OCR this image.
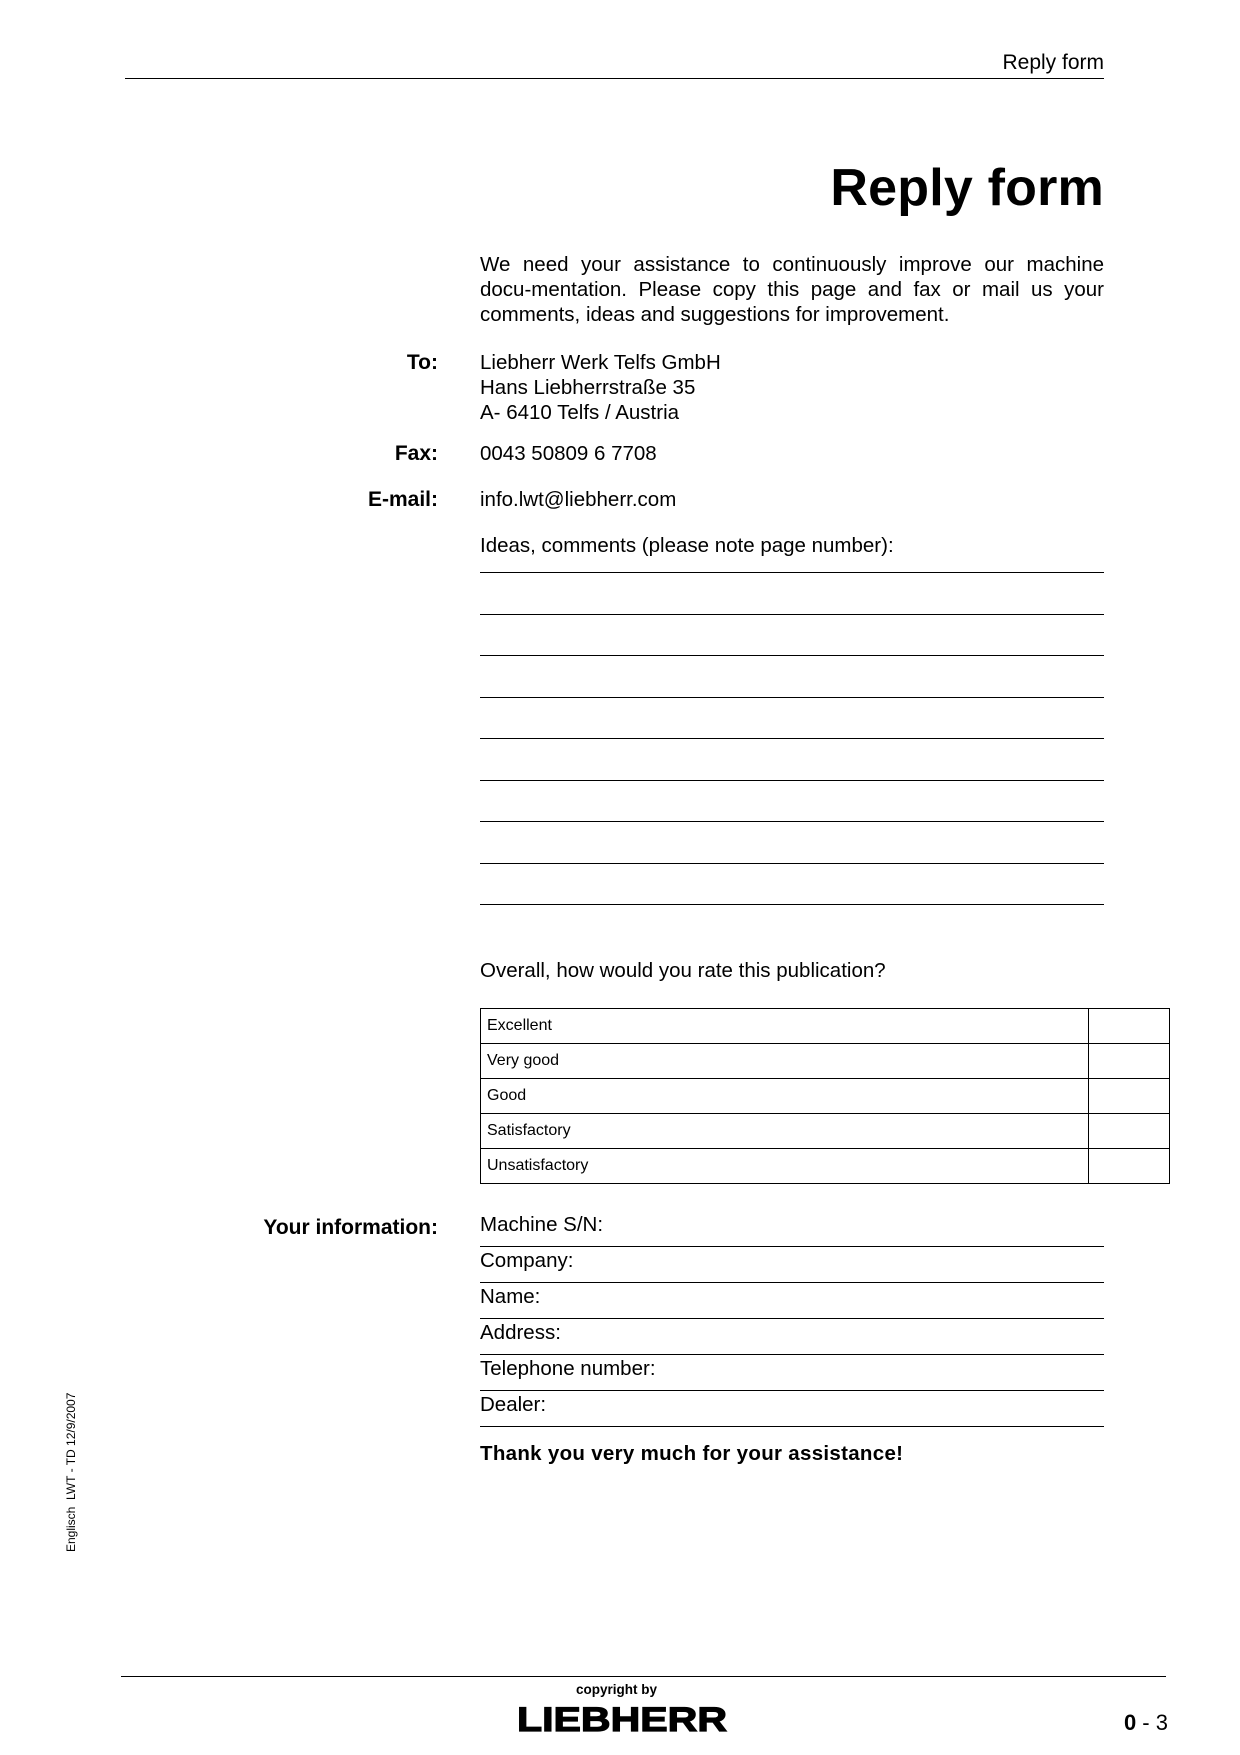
Reply form
Reply form
We need your assistance to continuously improve our machine docu-mentation. Please copy this page and fax or mail us your comments, ideas and suggestions for improvement.
To: Liebherr Werk Telfs GmbH
Hans Liebherrstraße 35
A- 6410 Telfs / Austria
Fax: 0043 50809 6 7708
E-mail: info.lwt@liebherr.com
Ideas, comments (please note page number):
Overall, how would you rate this publication?
Excellent	
Very good	
Good	
Satisfactory	
Unsatisfactory	
Your information: Machine S/N:
Company:
Name:
Address:
Telephone number:
Dealer:
Thank you very much for your assistance!
Englisch  LWT - TD 12/9/2007
copyright by
LIEBHERR	0 - 3
